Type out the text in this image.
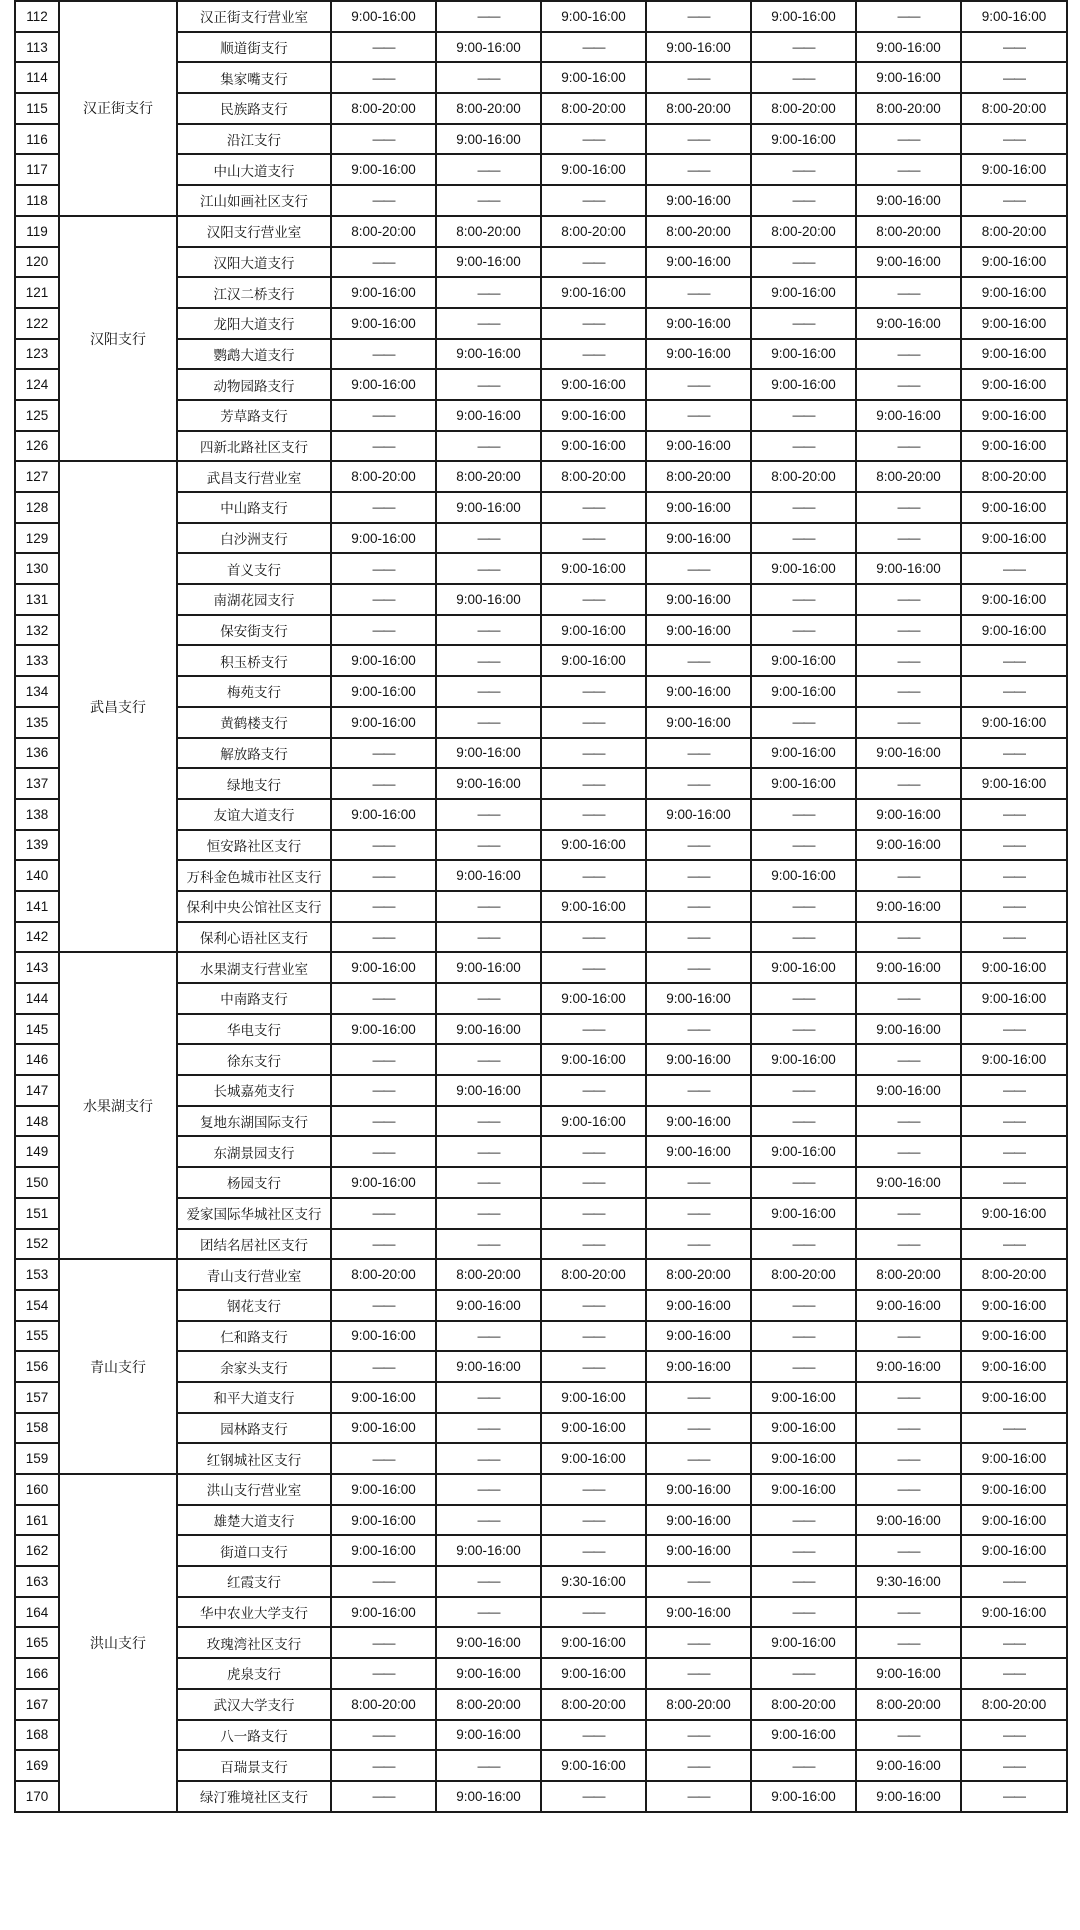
112	汉正街支行	汉正街支行营业室	9:00-16:00	——	9:00-16:00	——	9:00-16:00	——	9:00-16:00
113		顺道街支行	——	9:00-16:00	——	9:00-16:00	——	9:00-16:00	——
114		集家嘴支行	——	——	9:00-16:00	——	——	9:00-16:00	——
115		民族路支行	8:00-20:00	8:00-20:00	8:00-20:00	8:00-20:00	8:00-20:00	8:00-20:00	8:00-20:00
116		沿江支行	——	9:00-16:00	——	——	9:00-16:00	——	——
117		中山大道支行	9:00-16:00	——	9:00-16:00	——	——	——	9:00-16:00
118		江山如画社区支行	——	——	——	9:00-16:00	——	9:00-16:00	——
119	汉阳支行	汉阳支行营业室	8:00-20:00	8:00-20:00	8:00-20:00	8:00-20:00	8:00-20:00	8:00-20:00	8:00-20:00
120		汉阳大道支行	——	9:00-16:00	——	9:00-16:00	——	9:00-16:00	9:00-16:00
121		江汉二桥支行	9:00-16:00	——	9:00-16:00	——	9:00-16:00	——	9:00-16:00
122		龙阳大道支行	9:00-16:00	——	——	9:00-16:00	——	9:00-16:00	9:00-16:00
123		鹦鹉大道支行	——	9:00-16:00	——	9:00-16:00	9:00-16:00	——	9:00-16:00
124		动物园路支行	9:00-16:00	——	9:00-16:00	——	9:00-16:00	——	9:00-16:00
125		芳草路支行	——	9:00-16:00	9:00-16:00	——	——	9:00-16:00	9:00-16:00
126		四新北路社区支行	——	——	9:00-16:00	9:00-16:00	——	——	9:00-16:00
127	武昌支行	武昌支行营业室	8:00-20:00	8:00-20:00	8:00-20:00	8:00-20:00	8:00-20:00	8:00-20:00	8:00-20:00
128		中山路支行	——	9:00-16:00	——	9:00-16:00	——	——	9:00-16:00
129		白沙洲支行	9:00-16:00	——	——	9:00-16:00	——	——	9:00-16:00
130		首义支行	——	——	9:00-16:00	——	9:00-16:00	9:00-16:00	——
131		南湖花园支行	——	9:00-16:00	——	9:00-16:00	——	——	9:00-16:00
132		保安街支行	——	——	9:00-16:00	9:00-16:00	——	——	9:00-16:00
133		积玉桥支行	9:00-16:00	——	9:00-16:00	——	9:00-16:00	——	——
134		梅苑支行	9:00-16:00	——	——	9:00-16:00	9:00-16:00	——	——
135		黄鹤楼支行	9:00-16:00	——	——	9:00-16:00	——	——	9:00-16:00
136		解放路支行	——	9:00-16:00	——	——	9:00-16:00	9:00-16:00	——
137		绿地支行	——	9:00-16:00	——	——	9:00-16:00	——	9:00-16:00
138		友谊大道支行	9:00-16:00	——	——	9:00-16:00	——	9:00-16:00	——
139		恒安路社区支行	——	——	9:00-16:00	——	——	9:00-16:00	——
140		万科金色城市社区支行	——	9:00-16:00	——	——	9:00-16:00	——	——
141		保利中央公馆社区支行	——	——	9:00-16:00	——	——	9:00-16:00	——
142		保利心语社区支行	——	——	——	——	——	——	——
143	水果湖支行	水果湖支行营业室	9:00-16:00	9:00-16:00	——	——	9:00-16:00	9:00-16:00	9:00-16:00
144		中南路支行	——	——	9:00-16:00	9:00-16:00	——	——	9:00-16:00
145		华电支行	9:00-16:00	9:00-16:00	——	——	——	9:00-16:00	——
146		徐东支行	——	——	9:00-16:00	9:00-16:00	9:00-16:00	——	9:00-16:00
147		长城嘉苑支行	——	9:00-16:00	——	——	——	9:00-16:00	——
148		复地东湖国际支行	——	——	9:00-16:00	9:00-16:00	——	——	——
149		东湖景园支行	——	——	——	9:00-16:00	9:00-16:00	——	——
150		杨园支行	9:00-16:00	——	——	——	——	9:00-16:00	——
151		爱家国际华城社区支行	——	——	——	——	9:00-16:00	——	9:00-16:00
152		团结名居社区支行	——	——	——	——	——	——	——
153	青山支行	青山支行营业室	8:00-20:00	8:00-20:00	8:00-20:00	8:00-20:00	8:00-20:00	8:00-20:00	8:00-20:00
154		钢花支行	——	9:00-16:00	——	9:00-16:00	——	9:00-16:00	9:00-16:00
155		仁和路支行	9:00-16:00	——	——	9:00-16:00	——	——	9:00-16:00
156		余家头支行	——	9:00-16:00	——	9:00-16:00	——	9:00-16:00	9:00-16:00
157		和平大道支行	9:00-16:00	——	9:00-16:00	——	9:00-16:00	——	9:00-16:00
158		园林路支行	9:00-16:00	——	9:00-16:00	——	9:00-16:00	——	——
159		红钢城社区支行	——	——	9:00-16:00	——	9:00-16:00	——	9:00-16:00
160	洪山支行	洪山支行营业室	9:00-16:00	——	——	9:00-16:00	9:00-16:00	——	9:00-16:00
161		雄楚大道支行	9:00-16:00	——	——	9:00-16:00	——	9:00-16:00	9:00-16:00
162		街道口支行	9:00-16:00	9:00-16:00	——	9:00-16:00	——	——	9:00-16:00
163		红霞支行	——	——	9:30-16:00	——	——	9:30-16:00	——
164		华中农业大学支行	9:00-16:00	——	——	9:00-16:00	——	——	9:00-16:00
165		玫瑰湾社区支行	——	9:00-16:00	9:00-16:00	——	9:00-16:00	——	——
166		虎泉支行	——	9:00-16:00	9:00-16:00	——	——	9:00-16:00	——
167		武汉大学支行	8:00-20:00	8:00-20:00	8:00-20:00	8:00-20:00	8:00-20:00	8:00-20:00	8:00-20:00
168		八一路支行	——	9:00-16:00	——	——	9:00-16:00	——	——
169		百瑞景支行	——	——	9:00-16:00	——	——	9:00-16:00	——
170		绿汀雅境社区支行	——	9:00-16:00	——	——	9:00-16:00	9:00-16:00	——
